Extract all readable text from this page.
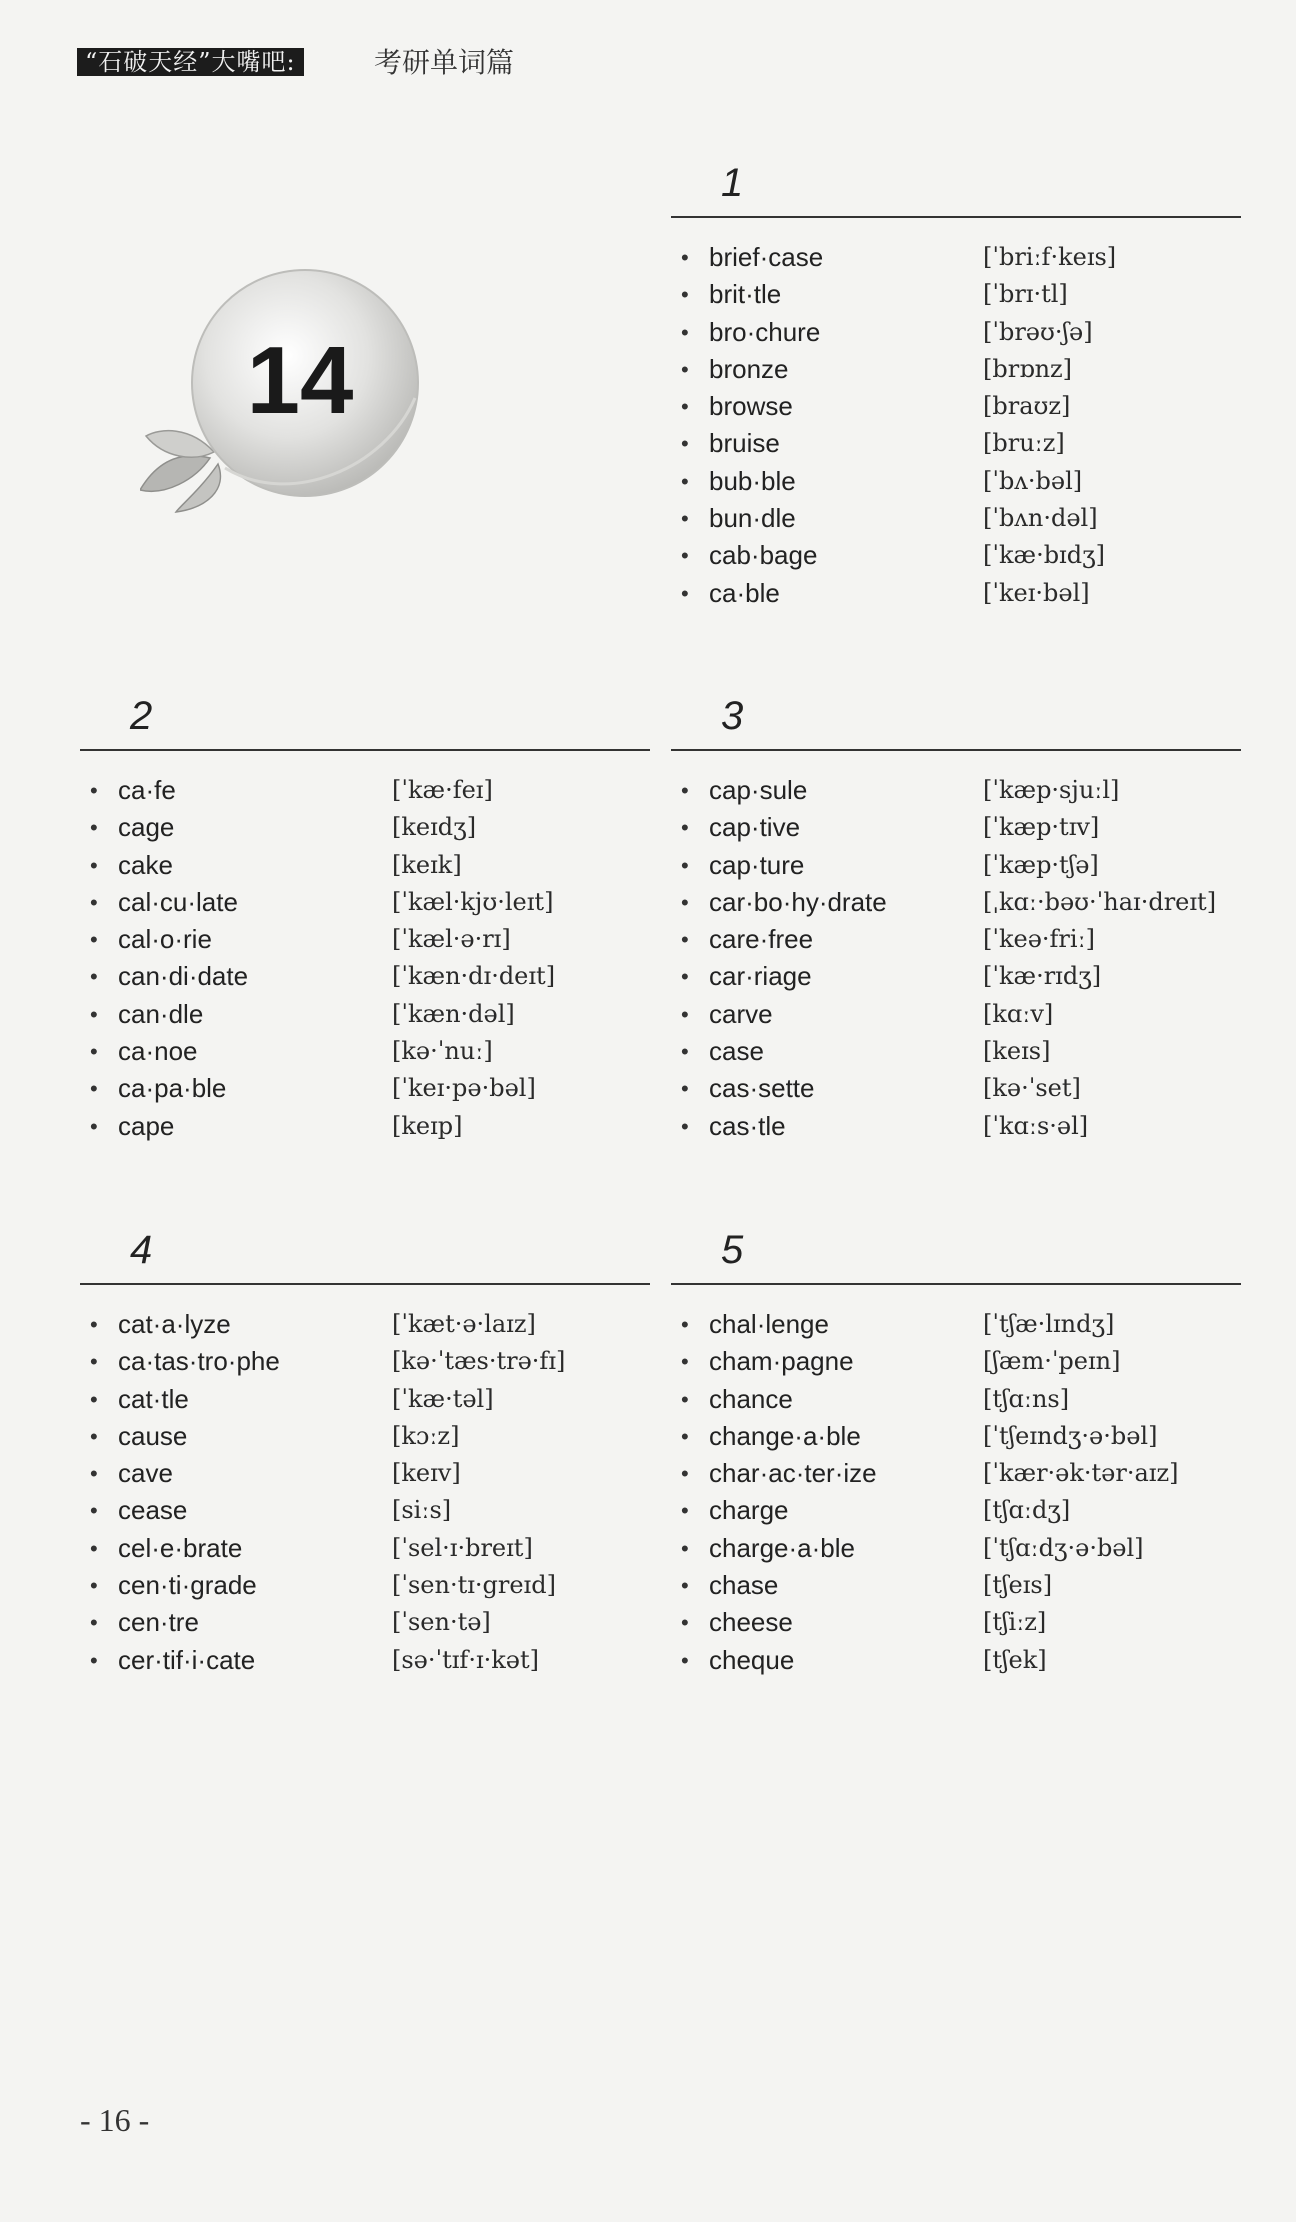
“石破天经”大嘴吧:	考研单词篇
14
1
• brief·case	[ˈbriːf·keɪs]
• brit·tle	[ˈbrɪ·tl]
• bro·chure	[ˈbrəʊ·ʃə]
• bronze	[brɒnz]
• browse	[braʊz]
• bruise	[bruːz]
• bub·ble	[ˈbʌ·bəl]
• bun·dle	[ˈbʌn·dəl]
• cab·bage	[ˈkæ·bɪdʒ]
• ca·ble	[ˈkeɪ·bəl]
2
• ca·fe	[ˈkæ·feɪ]
• cage	[keɪdʒ]
• cake	[keɪk]
• cal·cu·late	[ˈkæl·kjʊ·leɪt]
• cal·o·rie	[ˈkæl·ə·rɪ]
• can·di·date	[ˈkæn·dɪ·deɪt]
• can·dle	[ˈkæn·dəl]
• ca·noe	[kə·ˈnuː]
• ca·pa·ble	[ˈkeɪ·pə·bəl]
• cape	[keɪp]
3
• cap·sule	[ˈkæp·sjuːl]
• cap·tive	[ˈkæp·tɪv]
• cap·ture	[ˈkæp·tʃə]
• car·bo·hy·drate	[ˌkɑː·bəʊ·ˈhaɪ·dreɪt]
• care·free	[ˈkeə·friː]
• car·riage	[ˈkæ·rɪdʒ]
• carve	[kɑːv]
• case	[keɪs]
• cas·sette	[kə·ˈset]
• cas·tle	[ˈkɑːs·əl]
4
• cat·a·lyze	[ˈkæt·ə·laɪz]
• ca·tas·tro·phe	[kə·ˈtæs·trə·fɪ]
• cat·tle	[ˈkæ·təl]
• cause	[kɔːz]
• cave	[keɪv]
• cease	[siːs]
• cel·e·brate	[ˈsel·ɪ·breɪt]
• cen·ti·grade	[ˈsen·tɪ·greɪd]
• cen·tre	[ˈsen·tə]
• cer·tif·i·cate	[sə·ˈtɪf·ɪ·kət]
5
• chal·lenge	[ˈtʃæ·lɪndʒ]
• cham·pagne	[ʃæm·ˈpeɪn]
• chance	[tʃɑːns]
• change·a·ble	[ˈtʃeɪndʒ·ə·bəl]
• char·ac·ter·ize	[ˈkær·ək·tər·aɪz]
• charge	[tʃɑːdʒ]
• charge·a·ble	[ˈtʃɑːdʒ·ə·bəl]
• chase	[tʃeɪs]
• cheese	[tʃiːz]
• cheque	[tʃek]
- 16 -
